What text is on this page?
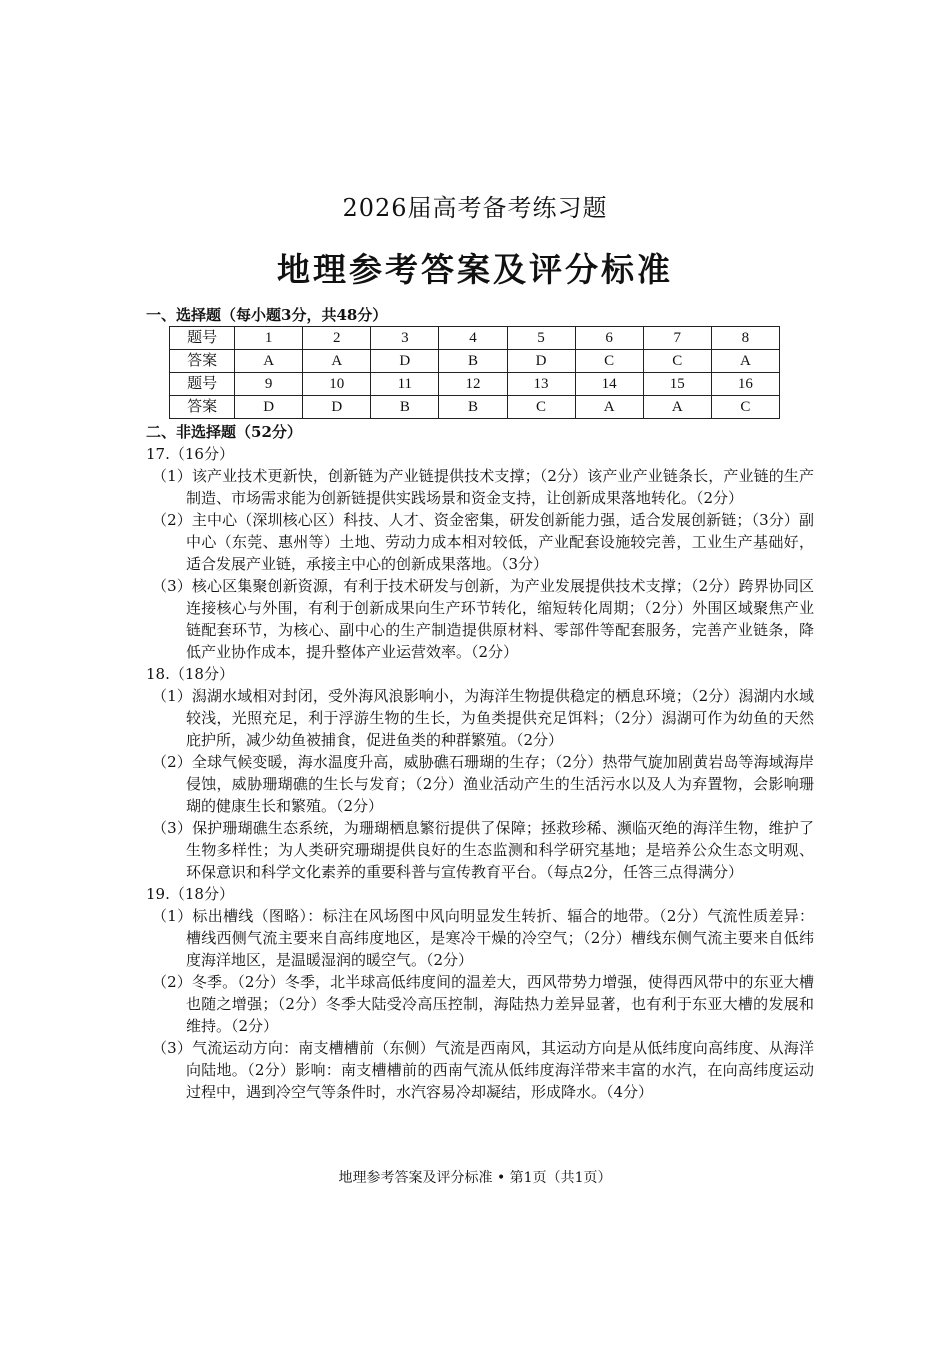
2026届高考备考练习题
地理参考答案及评分标准
一、选择题（每小题3分，共48分）
题号	1	2	3	4	5	6	7	8
答案	A	A	D	B	D	C	C	A
题号	9	10	11	12	13	14	15	16
答案	D	D	B	B	C	A	A	C
二、非选择题（52分）
17.（16分）

（1）该产业技术更新快，创新链为产业链提供技术支撑；（2分）该产业产业链条长，产业链的生产制造、市场需求能为创新链提供实践场景和资金支持，让创新成果落地转化。（2分）

（2）主中心（深圳核心区）科技、人才、资金密集，研发创新能力强，适合发展创新链；（3分）副中心（东莞、惠州等）土地、劳动力成本相对较低，产业配套设施较完善，工业生产基础好，适合发展产业链，承接主中心的创新成果落地。（3分）

（3）核心区集聚创新资源，有利于技术研发与创新，为产业发展提供技术支撑；（2分）跨界协同区连接核心与外围，有利于创新成果向生产环节转化，缩短转化周期；（2分）外围区域聚焦产业链配套环节，为核心、副中心的生产制造提供原材料、零部件等配套服务，完善产业链条，降低产业协作成本，提升整体产业运营效率。（2分）

18.（18分）

（1）潟湖水域相对封闭，受外海风浪影响小，为海洋生物提供稳定的栖息环境；（2分）潟湖内水域较浅，光照充足，利于浮游生物的生长，为鱼类提供充足饵料；（2分）潟湖可作为幼鱼的天然庇护所，减少幼鱼被捕食，促进鱼类的种群繁殖。（2分）

（2）全球气候变暖，海水温度升高，威胁礁石珊瑚的生存；（2分）热带气旋加剧黄岩岛等海域海岸侵蚀，威胁珊瑚礁的生长与发育；（2分）渔业活动产生的生活污水以及人为弃置物，会影响珊瑚的健康生长和繁殖。（2分）

（3）保护珊瑚礁生态系统，为珊瑚栖息繁衍提供了保障；拯救珍稀、濒临灭绝的海洋生物，维护了生物多样性；为人类研究珊瑚提供良好的生态监测和科学研究基地；是培养公众生态文明观、环保意识和科学文化素养的重要科普与宣传教育平台。（每点2分，任答三点得满分）

19.（18分）

（1）标出槽线（图略）：标注在风场图中风向明显发生转折、辐合的地带。（2分）气流性质差异：槽线西侧气流主要来自高纬度地区，是寒冷干燥的冷空气；（2分）槽线东侧气流主要来自低纬度海洋地区，是温暖湿润的暖空气。（2分）

（2）冬季。（2分）冬季，北半球高低纬度间的温差大，西风带势力增强，使得西风带中的东亚大槽也随之增强；（2分）冬季大陆受冷高压控制，海陆热力差异显著，也有利于东亚大槽的发展和维持。（2分）

（3）气流运动方向：南支槽槽前（东侧）气流是西南风，其运动方向是从低纬度向高纬度、从海洋向陆地。（2分）影响：南支槽槽前的西南气流从低纬度海洋带来丰富的水汽，在向高纬度运动过程中，遇到冷空气等条件时，水汽容易冷却凝结，形成降水。（4分）

地理参考答案及评分标准 • 第1页（共1页）
